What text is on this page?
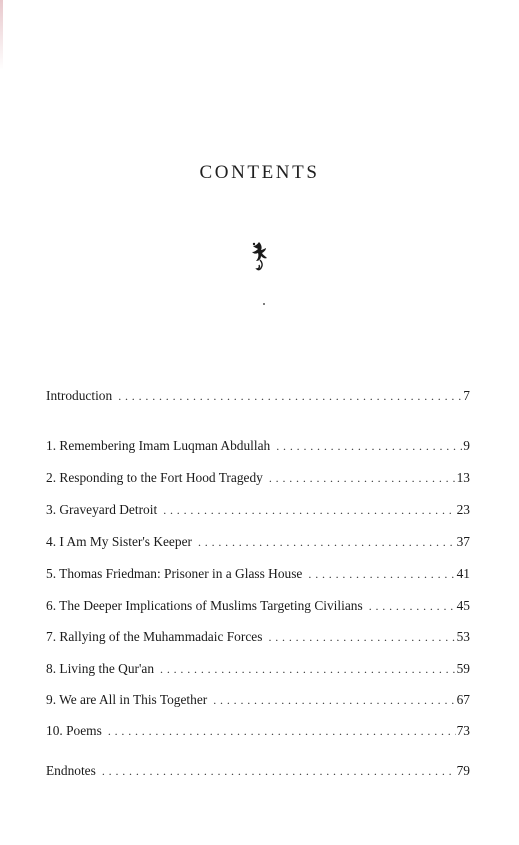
CONTENTS
Introduction . . .	7
1. Remembering Imam Luqman Abdullah . . .	9
2. Responding to the Fort Hood Tragedy . . .	13
3. Graveyard Detroit . . .	23
4. I Am My Sister's Keeper . . .	37
5. Thomas Friedman: Prisoner in a Glass House . . .	41
6. The Deeper Implications of Muslims Targeting Civilians . . .	45
7. Rallying of the Muhammadaic Forces . . .	53
8. Living the Qur'an . . .	59
9. We are All in This Together . . .	67
10. Poems . . .	73
Endnotes . . .	79
